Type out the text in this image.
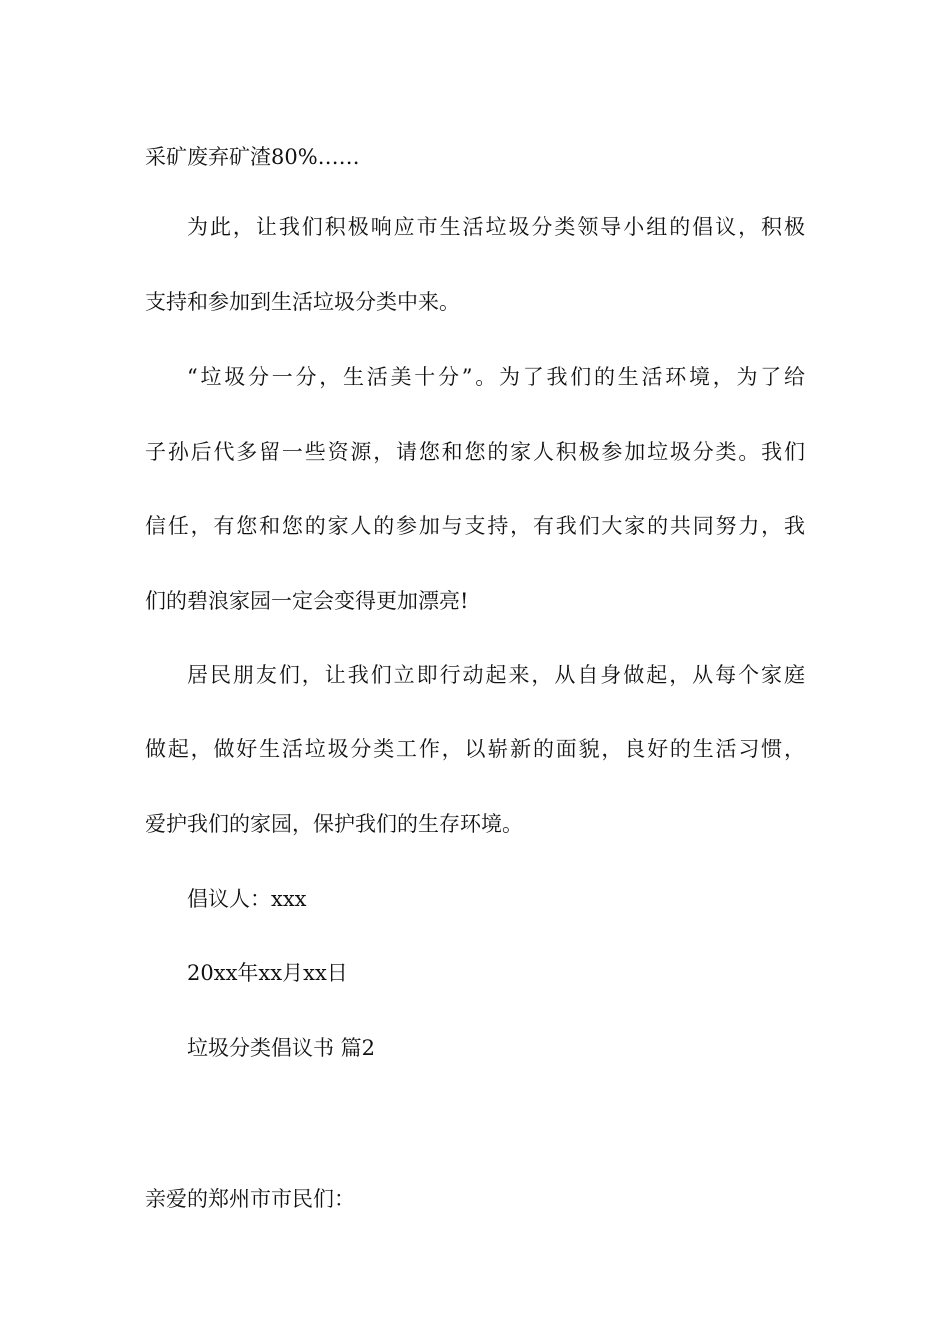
采矿废弃矿渣80%……
为此，让我们积极响应市生活垃圾分类领导小组的倡议，积极
支持和参加到生活垃圾分类中来。
“垃圾分一分，生活美十分”。为了我们的生活环境，为了给
子孙后代多留一些资源，请您和您的家人积极参加垃圾分类。我们
信任，有您和您的家人的参加与支持，有我们大家的共同努力，我
们的碧浪家园一定会变得更加漂亮!
居民朋友们，让我们立即行动起来，从自身做起，从每个家庭
做起，做好生活垃圾分类工作，以崭新的面貌，良好的生活习惯，
爱护我们的家园，保护我们的生存环境。
倡议人：xxx
20xx年xx月xx日
垃圾分类倡议书 篇2
亲爱的郑州市市民们：
